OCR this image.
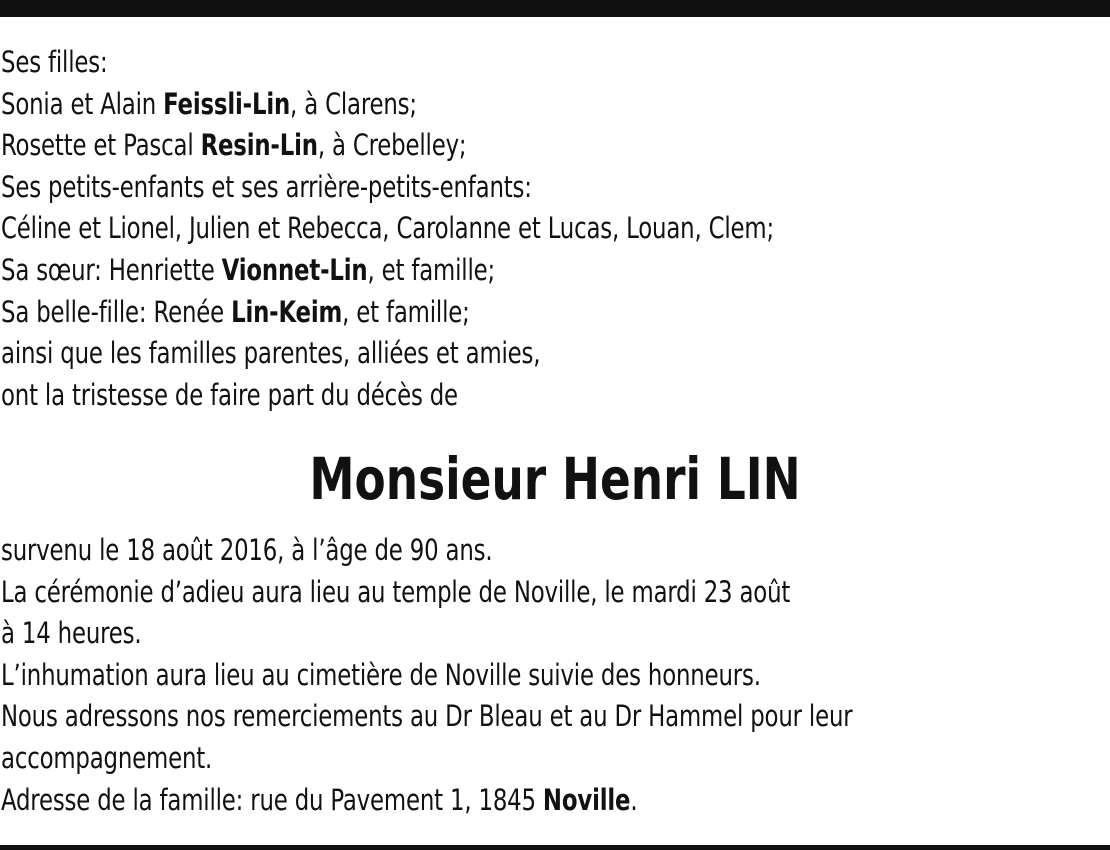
Ses filles:
Sonia et Alain Feissli-Lin, à Clarens;
Rosette et Pascal Resin-Lin, à Crebelley;
Ses petits-enfants et ses arrière-petits-enfants:
Céline et Lionel, Julien et Rebecca, Carolanne et Lucas, Louan, Clem;
Sa sœur: Henriette Vionnet-Lin, et famille;
Sa belle-fille: Renée Lin-Keim, et famille;
ainsi que les familles parentes, alliées et amies,
ont la tristesse de faire part du décès de
Monsieur Henri LIN
survenu le 18 août 2016, à l’âge de 90 ans.
La cérémonie d’adieu aura lieu au temple de Noville, le mardi 23 août
à 14 heures.
L’inhumation aura lieu au cimetière de Noville suivie des honneurs.
Nous adressons nos remerciements au Dr Bleau et au Dr Hammel pour leur
accompagnement.
Adresse de la famille: rue du Pavement 1, 1845 Noville.
